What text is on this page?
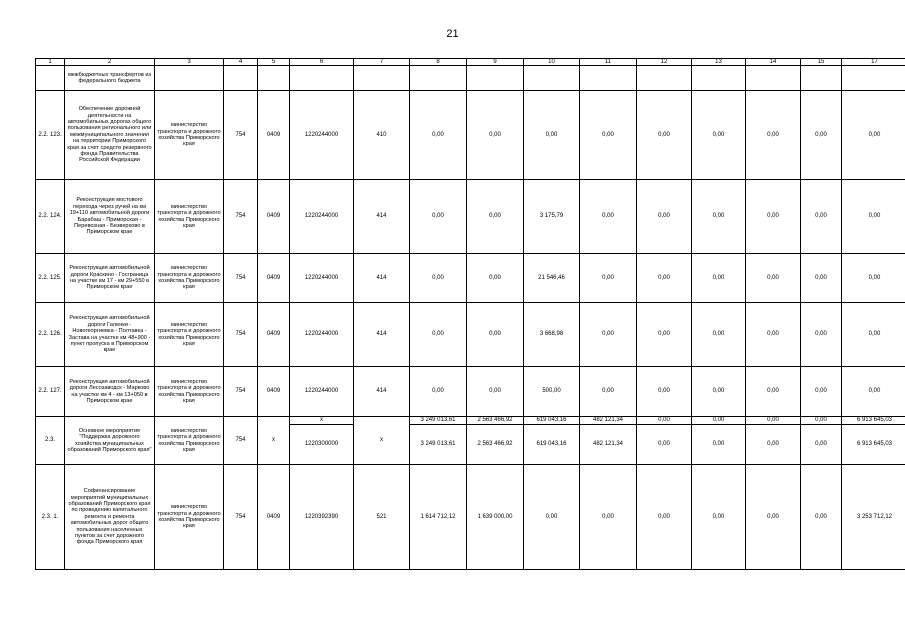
21
1	2	3	4	5	6	7	8	9	10	11	12	13	14	15	17
	межбюджетных трансфертов из федерального бюджета														
2.2. 123.	Обеспечение дорожной деятельности на автомобильных дорогах общего пользования регионального или межмуниципального значения на территории Приморского края за счет средств резервного фонда Правительства Российской Федерации	министерство транспорта и дорожного хозяйства Приморского края	754	0409	1220244000	410	0,00	0,00	0,00	0,00	0,00	0,00	0,00	0,00	0,00
2.2. 124.	Реконструкция мостового перехода через ручей на км 19+110 автомобильной дороги Барабаш - Приморская - Перевозная - Безверхово в Приморском крае	министерство транспорта и дорожного хозяйства Приморского края	754	0409	1220244000	414	0,00	0,00	3 175,79	0,00	0,00	0,00	0,00	0,00	0,00
2.2. 125.	Реконструкция автомобильной дороги Краскино - Госграница на участке км 17 - км 29+550 в Приморском крае	министерство транспорта и дорожного хозяйства Приморского края	754	0409	1220244000	414	0,00	0,00	21 546,46	0,00	0,00	0,00	0,00	0,00	0,00
2.2. 126.	Реконструкция автомобильной дороги Галенки - Новогеоргиевка - Полтавка - Застава на участке км 48+900 - пункт пропуска в Приморском крае	министерство транспорта и дорожного хозяйства Приморского края	754	0409	1220244000	414	0,00	0,00	3 668,98	0,00	0,00	0,00	0,00	0,00	0,00
2.2. 127.	Реконструкция автомобильной дороги Лесозаводск - Марково на участке км 4 - км 13+050 в Приморском крае	министерство транспорта и дорожного хозяйства Приморского края	754	0409	1220244000	414	0,00	0,00	500,00	0,00	0,00	0,00	0,00	0,00	0,00
2.3.	Основное мероприятие "Поддержка дорожного хозяйства муниципальных образований Приморского края"	министерство транспорта и дорожного хозяйства Приморского края	754	x	x	x	3 249 013,61	2 563 466,92	619 043,16	482 121,34	0,00	0,00	0,00	0,00	6 913 645,03
					1220300000		3 249 013,61	2 563 466,92	619 043,16	482 121,34	0,00	0,00	0,00	0,00	6 913 645,03
2.3. 1.	Софинансирование мероприятий муниципальных образований Приморского края по проведению капитального ремонта и ремонта автомобильных дорог общего пользования населенных пунктов за счет дорожного фонда Приморского края	министерство транспорта и дорожного хозяйства Приморского края	754	0409	1220392390	521	1 614 712,12	1 639 000,00	0,00	0,00	0,00	0,00	0,00	0,00	3 253 712,12
